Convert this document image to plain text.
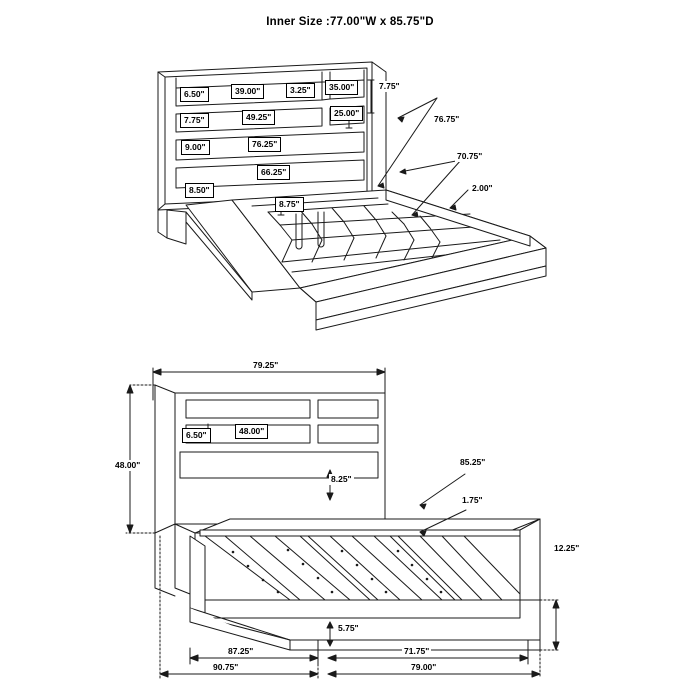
Inner Size :77.00"W x 85.75"D
6.50"	39.00"	3.25"	35.00"	7.75"
25.00"
7.75"	49.25"
9.00"	76.25"
66.25"
8.50"
8.75"
76.75"
70.75"
2.00"
79.25"
6.50"	48.00"
48.00"
8.25"
85.25"
1.75"
12.25"
5.75"
87.25"	71.75"
90.75"	79.00"
